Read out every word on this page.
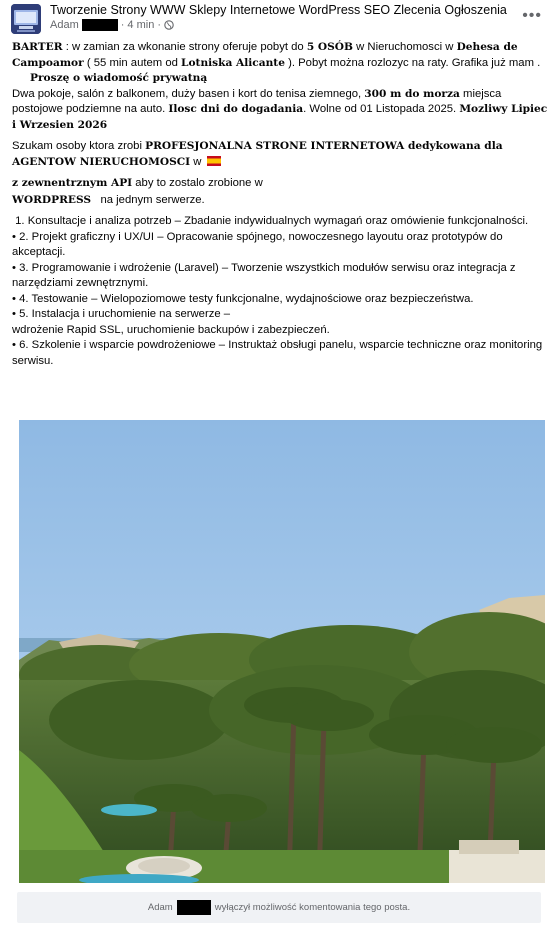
Tworzenie Strony WWW Sklepy Internetowe WordPress SEO Zlecenia Ogłoszenia
Adam	· 4 min ·
•••

BARTER : w zamian za wkonanie strony oferuje pobyt do 5 OSÓB w Nieruchomosci w Dehesa de Campoamor ( 55 min autem od Lotniska Alicante ). Pobyt można rozlozyc na raty. Grafika już mam .

Proszę o wiadomość prywatną

Dwa pokoje, salón z balkonem, duży basen i kort do tenisa ziemnego, 300 m do morza miejsca postojowe podziemne na auto. Ilosc dni do dogadania. Wolne od 01 Listopada 2025. Mozliwy Lipiec i Wrzesien 2026

Szukam osoby ktora zrobi PROFESJONALNA STRONE INTERNETOWA dedykowana dla AGENTOW NIERUCHOMOSCI w

z zewnentrznym API aby to zostalo zrobione w

WORDPRESS   na jednym serwerze.

1. Konsultacje i analiza potrzeb – Zbadanie indywidualnych wymagań oraz omówienie funkcjonalności.

• 2. Projekt graficzny i UX/UI – Opracowanie spójnego, nowoczesnego layoutu oraz prototypów do akceptacji.

• 3. Programowanie i wdrożenie (Laravel) – Tworzenie wszystkich modułów serwisu oraz integracja z narzędziami zewnętrznymi.

• 4. Testowanie – Wielopoziomowe testy funkcjonalne, wydajnościowe oraz bezpieczeństwa.

• 5. Instalacja i uruchomienie na serwerze –
wdrożenie Rapid SSL, uruchomienie backupów i zabezpieczeń.

• 6. Szkolenie i wsparcie powdrożeniowe – Instruktaż obsługi panelu, wsparcie techniczne oraz monitoring serwisu.

Adam	wyłączył możliwość komentowania tego posta.
